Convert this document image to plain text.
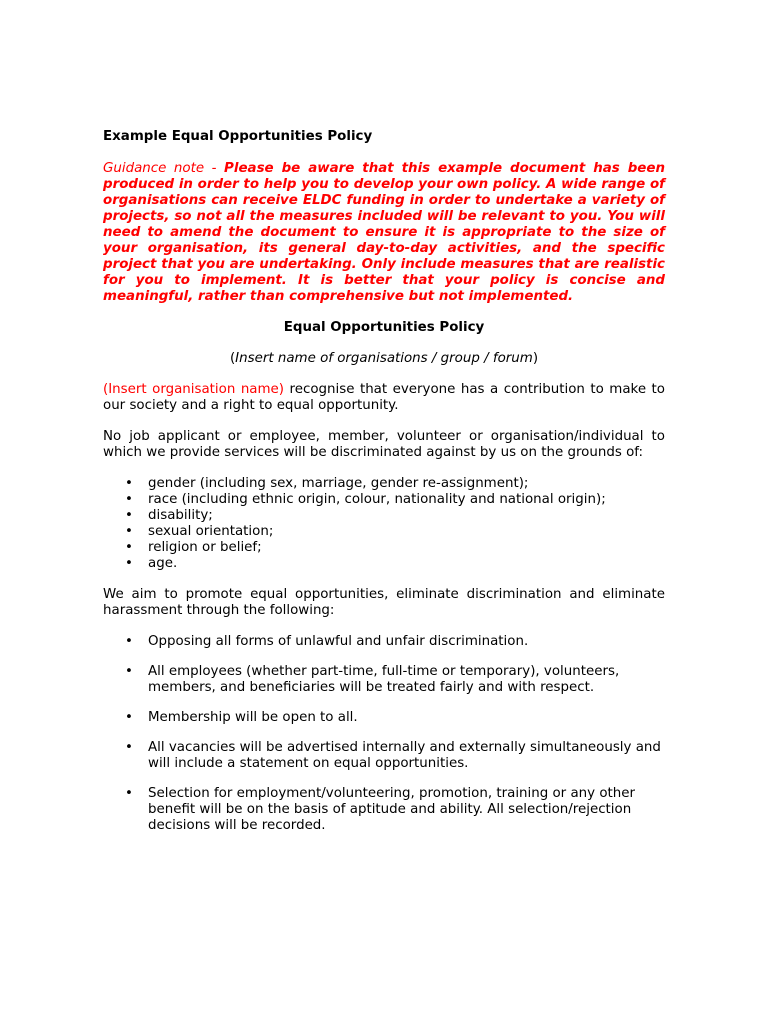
Example Equal Opportunities Policy
Guidance note - Please be aware that this example document has been produced in order to help you to develop your own policy. A wide range of organisations can receive ELDC funding in order to undertake a variety of projects, so not all the measures included will be relevant to you. You will need to amend the document to ensure it is appropriate to the size of your organisation, its general day-to-day activities, and the specific project that you are undertaking. Only include measures that are realistic for you to implement. It is better that your policy is concise and meaningful, rather than comprehensive but not implemented.
Equal Opportunities Policy
(Insert name of organisations / group / forum)

(Insert organisation name) recognise that everyone has a contribution to make to our society and a right to equal opportunity.

No job applicant or employee, member, volunteer or organisation/individual to which we provide services will be discriminated against by us on the grounds of:

• gender (including sex, marriage, gender re-assignment);
• race (including ethnic origin, colour, nationality and national origin);
• disability;
• sexual orientation;
• religion or belief;
• age.

We aim to promote equal opportunities, eliminate discrimination and eliminate harassment through the following:

• Opposing all forms of unlawful and unfair discrimination.
• All employees (whether part-time, full-time or temporary), volunteers, members, and beneficiaries will be treated fairly and with respect.
• Membership will be open to all.
• All vacancies will be advertised internally and externally simultaneously and will include a statement on equal opportunities.
• Selection for employment/volunteering, promotion, training or any other benefit will be on the basis of aptitude and ability. All selection/rejection decisions will be recorded.
